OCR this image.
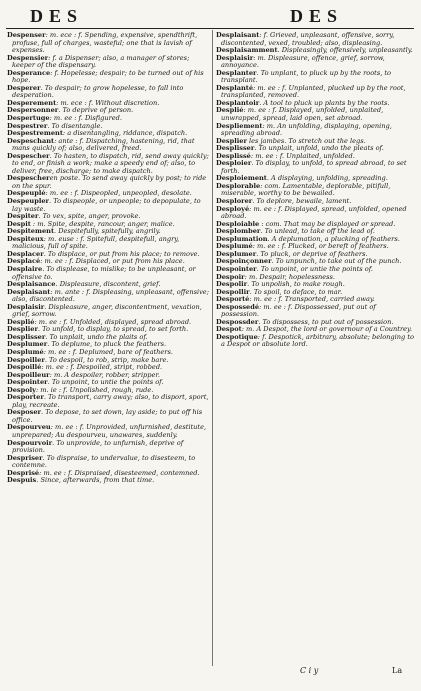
DES	DES

Despenser: m. ece : f. Spending, expensive, spendthrift, profuse, full of charges, wasteful; one that is lavish of expenses.

Despensier: f. a Dispenser; also, a manager of stores; keeper of the dispensary.

Desperance: f. Hopelesse; despair; to be turned out of his hope.

Desperer. To despair; to grow hopelesse, to fall into desperation.

Desperement: m. ece : f. Without discretion.

Despersonner. To deprive of person.

Despertuge: m. ee : f. Disfigured.

Despestrer. To disentangle.

Despestrement: a disentangling, riddance, dispatch.

Despeschant: ante : f. Dispatching, hastening, rid, that mans quickly of; also, delivered, freed.

Despescher. To hasten, to dispatch, rid, send away quickly; to end, or finish a work; make a speedy end of; also, to deliver, free, discharge; to make dispatch.

Despescheren poste. To send away quickly by post; to ride on the spur.

Despeuplé: m. ee : f. Dispeopled, unpeopled, desolate.

Despeupler. To dispeople, or unpeople; to depopulate, to lay waste.

Despiter. To vex, spite, anger, provoke.

Despit : m. Spite, despite, rancour, anger, malice.

Despitement. Despitefully, spitefully, angrily.

Despiteux: m. euse : f. Spitefull, despitefull, angry, malicious, full of spite.

Desplacer. To displace, or put from his place; to remove.

Desplacé: m. ee : f. Displaced, or put from his place.

Desplaire. To displease, to mislike; to be unpleasant, or offensive to.

Desplaisance. Displeasure, discontent, grief.

Desplaisant: m. ante : f. Displeasing, unpleasant, offensive; also, discontented.

Desplaisir. Displeasure, anger, discontentment, vexation, grief, sorrow.

Desplié: m. ee : f. Unfolded, displayed, spread abroad.

Desplier. To unfold, to display, to spread, to set forth.

Desplisser. To unplait, undo the plaits of.

Desplumer. To deplume, to pluck the feathers.

Desplumé: m. ee : f. Deplumed, bare of feathers.

Despoiller. To despoil, to rob, strip, make bare.

Despoillé: m. ee : f. Despoiled, stript, robbed.

Despoilleur: m. A despoiler, robber, stripper.

Despointer. To unpoint, to untie the points of.

Despoly: m. ie : f. Unpolished, rough, rude.

Desporter. To transport, carry away; also, to disport, sport, play, recreate.

Desposer. To depose, to set down, lay aside; to put off his office.

Despourveu: m. ee : f. Unprovided, unfurnished, destitute, unprepared; Au despourveu, unawares, suddenly.

Despourvoir. To unprovide, to unfurnish, deprive of provision.

Despriser. To dispraise, to undervalue, to disesteem, to contemne.

Desprisé: m. ee : f. Dispraised, disesteemed, contemned.

Despuis. Since, afterwards, from that time.

Desplaisant: f. Grieved, unpleasant, offensive, sorry, discontented, vexed, troubled; also, displeasing.

Desplaisamment. Displeasingly, offensively, unpleasantly.

Desplaisir: m. Displeasure, offence, grief, sorrow, annoyance.

Desplanter. To unplant, to pluck up by the roots, to transplant.

Desplanté: m. ee : f. Unplanted, plucked up by the root, transplanted, removed.

Desplantoir. A tool to pluck up plants by the roots.

Desplié: m. ee : f. Displayed, unfolded, unplaited, unwrapped, spread, laid open, set abroad.

Despliement: m. An unfolding, displaying, opening, spreading abroad.

Desplier les jambes. To stretch out the legs.

Desplisser. To unplait, unfold, undo the pleats of.

Desplissé: m. ee : f. Unplaited, unfolded.

Desploier. To display, to unfold, to spread abroad, to set forth.

Desploiement. A displaying, unfolding, spreading.

Desplorable: com. Lamentable, deplorable, pitifull, miserable, worthy to be bewailed.

Desplorer. To deplore, bewaile, lament.

Desployé: m. ee : f. Displayed, spread, unfolded, opened abroad.

Desploiable : com. That may be displayed or spread.

Desplomber. To unlead, to take off the lead of.

Desplumation. A deplumation, a plucking of feathers.

Desplumé: m. ee : f. Plucked, or bereft of feathers.

Desplumer. To pluck, or deprive of feathers.

Despoinçonner. To unpunch, to take out of the punch.

Despointer. To unpoint, or untie the points of.

Despoir: m. Despair, hopelessness.

Despolir. To unpolish, to make rough.

Despollir. To spoil, to deface, to mar.

Desporté: m. ee : f. Transported, carried away.

Despossedé: m. ee : f. Dispossessed, put out of possession.

Despossder. To dispossess, to put out of possession.

Despot: m. A Despot, the lord or governour of a Countrey.

Despotique: f. Despotick, arbitrary, absolute; belonging to a Despot or absolute lord.

C i y	La
